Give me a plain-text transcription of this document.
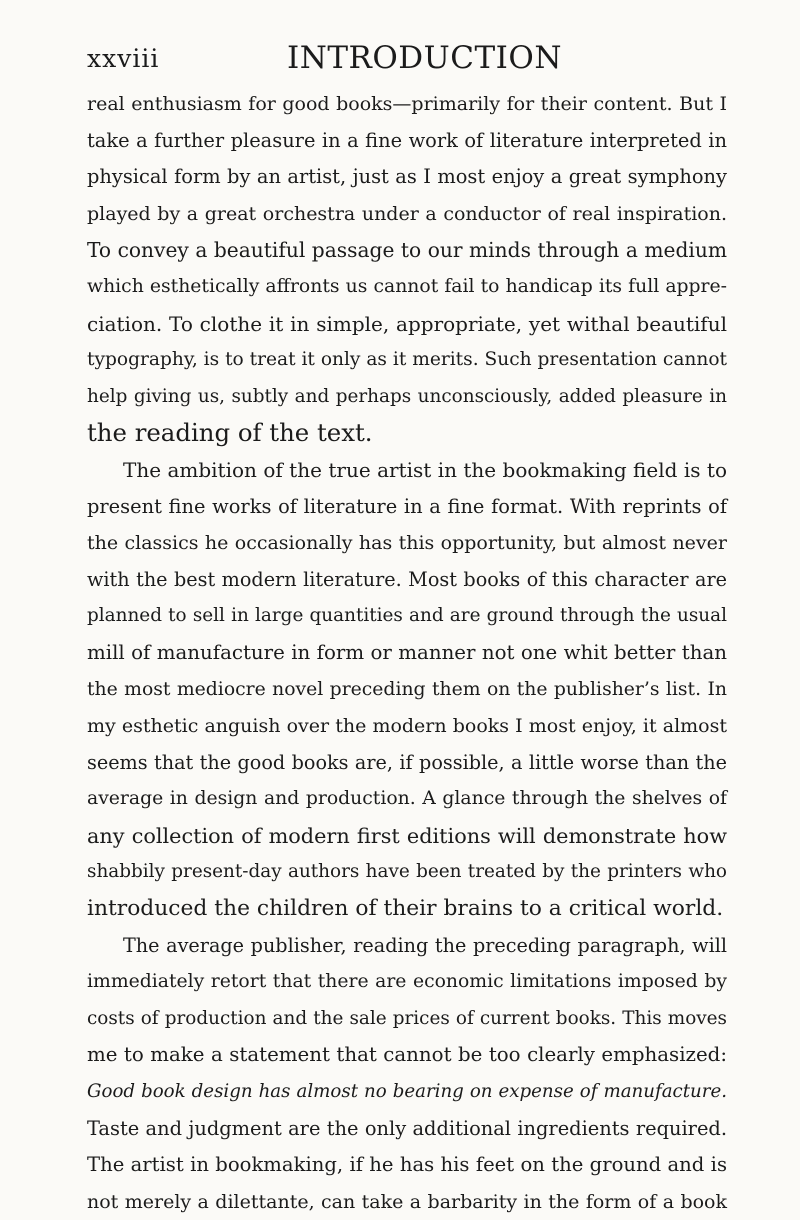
xxviii	INTRODUCTION
real enthusiasm for good books—primarily for their content. But I
take a further pleasure in a fine work of literature interpreted in
physical form by an artist, just as I most enjoy a great symphony
played by a great orchestra under a conductor of real inspiration.
To convey a beautiful passage to our minds through a medium
which esthetically affronts us cannot fail to handicap its full appre-
ciation. To clothe it in simple, appropriate, yet withal beautiful
typography, is to treat it only as it merits. Such presentation cannot
help giving us, subtly and perhaps unconsciously, added pleasure in
the reading of the text.
The ambition of the true artist in the bookmaking field is to
present fine works of literature in a fine format. With reprints of
the classics he occasionally has this opportunity, but almost never
with the best modern literature. Most books of this character are
planned to sell in large quantities and are ground through the usual
mill of manufacture in form or manner not one whit better than
the most mediocre novel preceding them on the publisher’s list. In
my esthetic anguish over the modern books I most enjoy, it almost
seems that the good books are, if possible, a little worse than the
average in design and production. A glance through the shelves of
any collection of modern first editions will demonstrate how
shabbily present-day authors have been treated by the printers who
introduced the children of their brains to a critical world.
The average publisher, reading the preceding paragraph, will
immediately retort that there are economic limitations imposed by
costs of production and the sale prices of current books. This moves
me to make a statement that cannot be too clearly emphasized:
Good book design has almost no bearing on expense of manufacture.
Taste and judgment are the only additional ingredients required.
The artist in bookmaking, if he has his feet on the ground and is
not merely a dilettante, can take a barbarity in the form of a book
